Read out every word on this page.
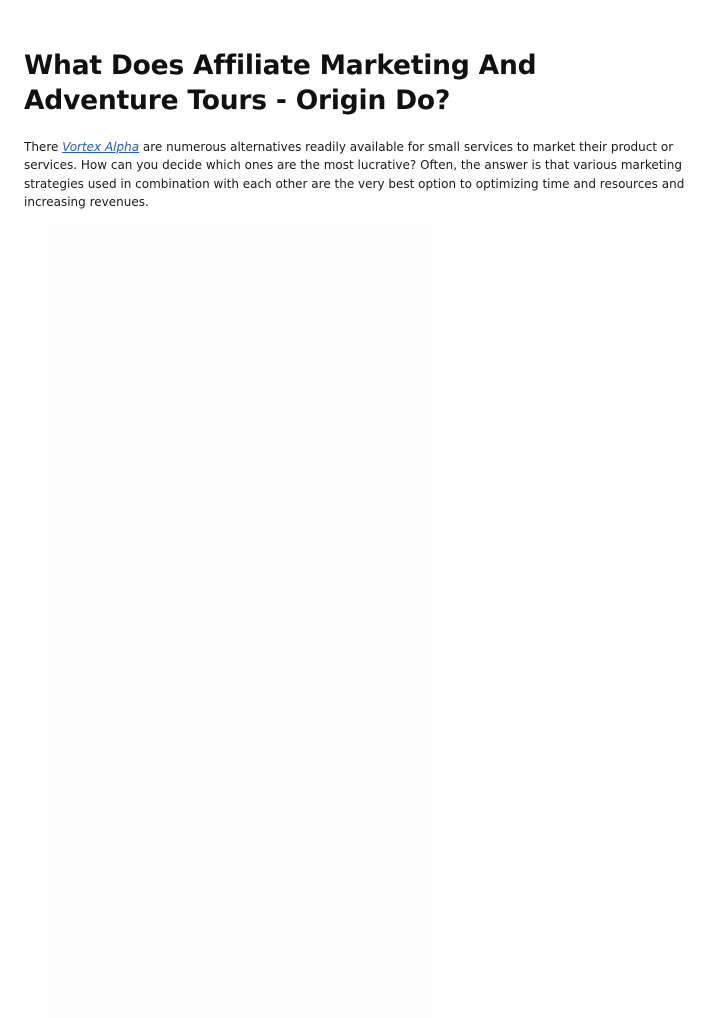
What Does Affiliate Marketing And Adventure Tours - Origin Do?

There Vortex Alpha are numerous alternatives readily available for small services to market their product or services. How can you decide which ones are the most lucrative? Often, the answer is that various marketing strategies used in combination with each other are the very best option to optimizing time and resources and increasing revenues.
